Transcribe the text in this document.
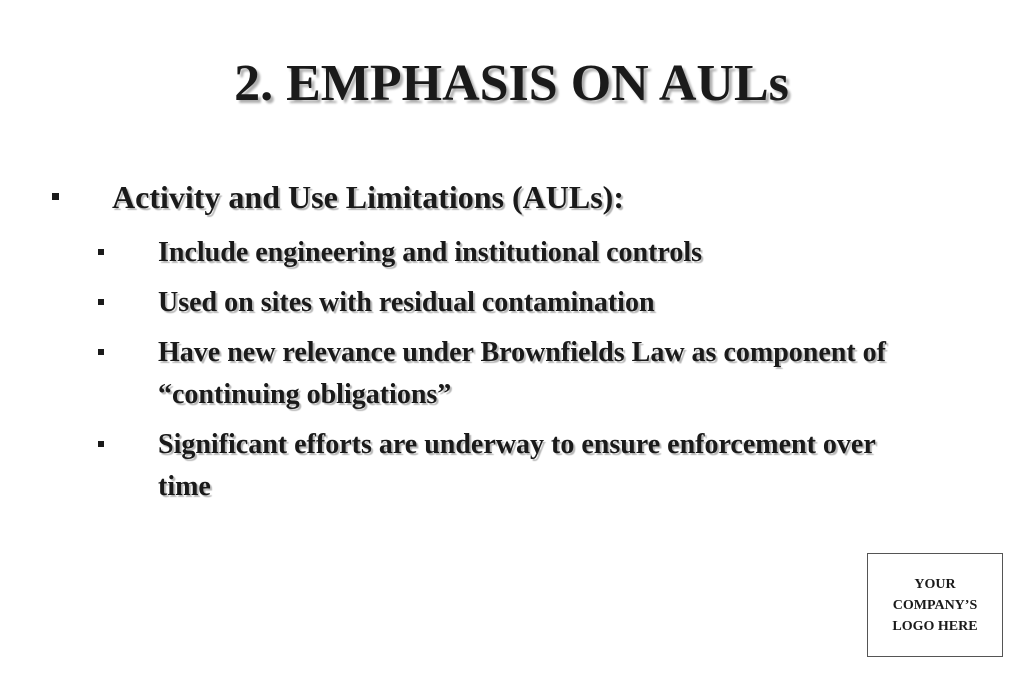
2. EMPHASIS ON AULs
Activity and Use Limitations (AULs):
Include engineering and institutional controls
Used on sites with residual contamination
Have new relevance under Brownfields Law as component of “continuing obligations”
Significant efforts are underway to ensure enforcement over time
YOUR
COMPANY’S
LOGO HERE
